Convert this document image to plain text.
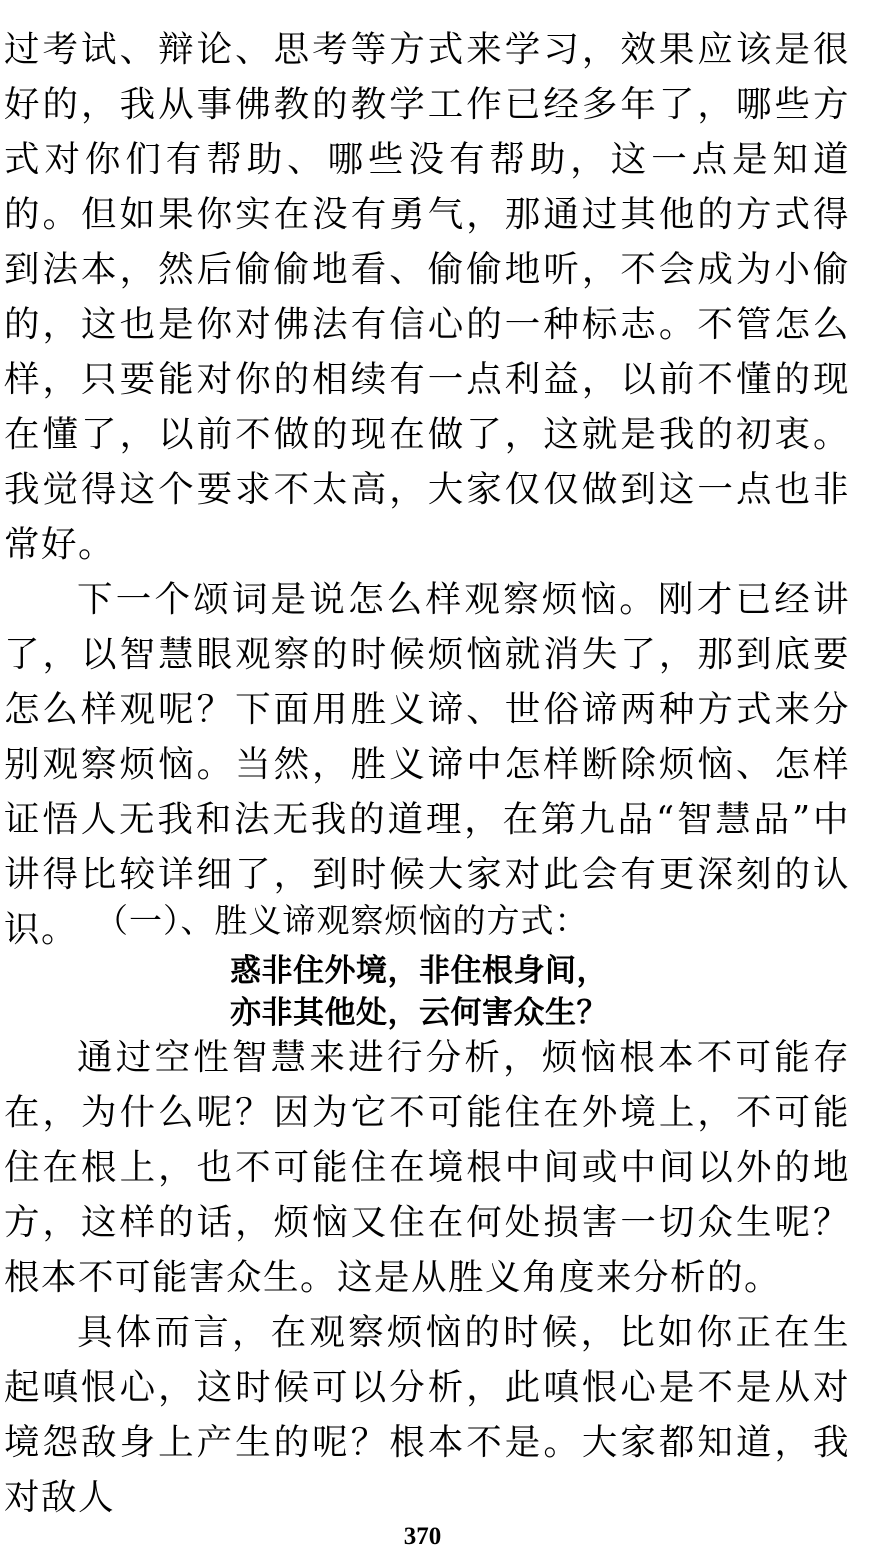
过考试、辩论、思考等方式来学习，效果应该是很好的，我从事佛教的教学工作已经多年了，哪些方式对你们有帮助、哪些没有帮助，这一点是知道的。但如果你实在没有勇气，那通过其他的方式得到法本，然后偷偷地看、偷偷地听，不会成为小偷的，这也是你对佛法有信心的一种标志。不管怎么样，只要能对你的相续有一点利益，以前不懂的现在懂了，以前不做的现在做了，这就是我的初衷。我觉得这个要求不太高，大家仅仅做到这一点也非常好。

下一个颂词是说怎么样观察烦恼。刚才已经讲了，以智慧眼观察的时候烦恼就消失了，那到底要怎么样观呢？下面用胜义谛、世俗谛两种方式来分别观察烦恼。当然，胜义谛中怎样断除烦恼、怎样证悟人无我和法无我的道理，在第九品“智慧品”中讲得比较详细了，到时候大家对此会有更深刻的认识。 （一）、胜义谛观察烦恼的方式：
惑非住外境，非住根身间，
亦非其他处，云何害众生？

通过空性智慧来进行分析，烦恼根本不可能存在，为什么呢？因为它不可能住在外境上，不可能住在根上，也不可能住在境根中间或中间以外的地方，这样的话，烦恼又住在何处损害一切众生呢？根本不可能害众生。这是从胜义角度来分析的。

具体而言，在观察烦恼的时候，比如你正在生起嗔恨心，这时候可以分析，此嗔恨心是不是从对境怨敌身上产生的呢？根本不是。大家都知道，我对敌人

370
